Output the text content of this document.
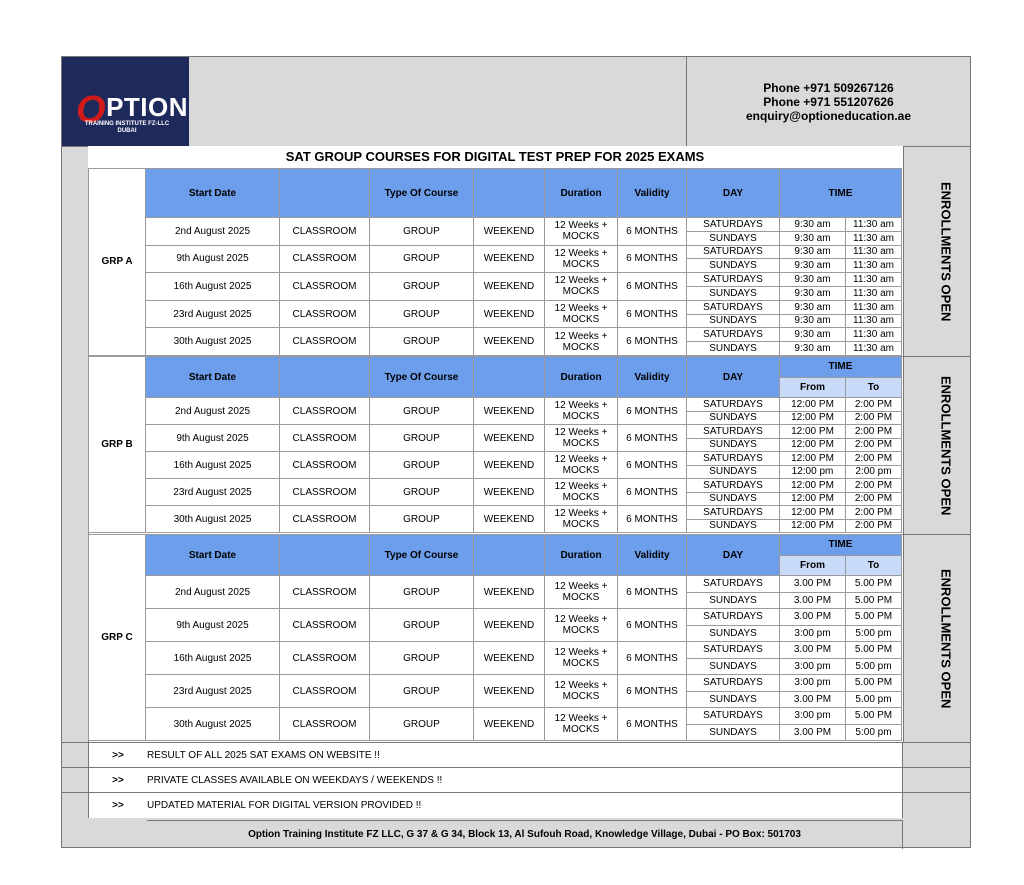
OPTION
TRAINING INSTITUTE FZ-LLC
DUBAI
Phone +971 509267126
Phone +971 551207626
enquiry@optioneducation.ae
SAT GROUP COURSES FOR DIGITAL TEST PREP FOR 2025 EXAMS
GRP A	Start Date		Type Of Course		Duration	Validity	DAY	TIME	
	2nd August 2025	CLASSROOM	GROUP	WEEKEND	12 Weeks +
MOCKS	6 MONTHS	SATURDAYS	9:30 am	11:30 am
							SUNDAYS	9:30 am	11:30 am
	9th August 2025	CLASSROOM	GROUP	WEEKEND	12 Weeks +
MOCKS	6 MONTHS	SATURDAYS	9:30 am	11:30 am
							SUNDAYS	9:30 am	11:30 am
	16th August 2025	CLASSROOM	GROUP	WEEKEND	12 Weeks +
MOCKS	6 MONTHS	SATURDAYS	9:30 am	11:30 am
							SUNDAYS	9:30 am	11:30 am
	23rd August 2025	CLASSROOM	GROUP	WEEKEND	12 Weeks +
MOCKS	6 MONTHS	SATURDAYS	9:30 am	11:30 am
							SUNDAYS	9:30 am	11:30 am
	30th August 2025	CLASSROOM	GROUP	WEEKEND	12 Weeks +
MOCKS	6 MONTHS	SATURDAYS	9:30 am	11:30 am
							SUNDAYS	9:30 am	11:30 am
GRP B	Start Date		Type Of Course		Duration	Validity	DAY	TIME	
								From	To
	2nd August 2025	CLASSROOM	GROUP	WEEKEND	12 Weeks +
MOCKS	6 MONTHS	SATURDAYS	12:00 PM	2:00 PM
							SUNDAYS	12:00 PM	2:00 PM
	9th August 2025	CLASSROOM	GROUP	WEEKEND	12 Weeks +
MOCKS	6 MONTHS	SATURDAYS	12:00 PM	2:00 PM
							SUNDAYS	12:00 PM	2:00 PM
	16th August 2025	CLASSROOM	GROUP	WEEKEND	12 Weeks +
MOCKS	6 MONTHS	SATURDAYS	12:00 PM	2:00 PM
							SUNDAYS	12:00 pm	2:00 pm
	23rd August 2025	CLASSROOM	GROUP	WEEKEND	12 Weeks +
MOCKS	6 MONTHS	SATURDAYS	12:00 PM	2:00 PM
							SUNDAYS	12:00 PM	2:00 PM
	30th August 2025	CLASSROOM	GROUP	WEEKEND	12 Weeks +
MOCKS	6 MONTHS	SATURDAYS	12:00 PM	2:00 PM
							SUNDAYS	12:00 PM	2:00 PM
GRP C	Start Date		Type Of Course		Duration	Validity	DAY	TIME	
								From	To
	2nd August 2025	CLASSROOM	GROUP	WEEKEND	12 Weeks +
MOCKS	6 MONTHS	SATURDAYS	3.00 PM	5.00 PM
							SUNDAYS	3.00 PM	5.00 PM
	9th August 2025	CLASSROOM	GROUP	WEEKEND	12 Weeks +
MOCKS	6 MONTHS	SATURDAYS	3.00 PM	5.00 PM
							SUNDAYS	3:00 pm	5:00 pm
	16th August 2025	CLASSROOM	GROUP	WEEKEND	12 Weeks +
MOCKS	6 MONTHS	SATURDAYS	3.00 PM	5.00 PM
							SUNDAYS	3:00 pm	5:00 pm
	23rd August 2025	CLASSROOM	GROUP	WEEKEND	12 Weeks +
MOCKS	6 MONTHS	SATURDAYS	3:00 pm	5.00 PM
							SUNDAYS	3.00 PM	5.00 pm
	30th August 2025	CLASSROOM	GROUP	WEEKEND	12 Weeks +
MOCKS	6 MONTHS	SATURDAYS	3:00 pm	5.00 PM
							SUNDAYS	3.00 PM	5:00 pm
ENROLLMENTS OPEN
ENROLLMENTS OPEN
ENROLLMENTS OPEN
>>	RESULT OF ALL 2025 SAT EXAMS ON WEBSITE !!
>>	PRIVATE CLASSES AVAILABLE ON WEEKDAYS / WEEKENDS !!
>>	UPDATED MATERIAL FOR DIGITAL VERSION PROVIDED !!
Option Training Institute FZ LLC, G 37 & G 34, Block 13, Al Sufouh Road, Knowledge Village, Dubai - PO Box: 501703
